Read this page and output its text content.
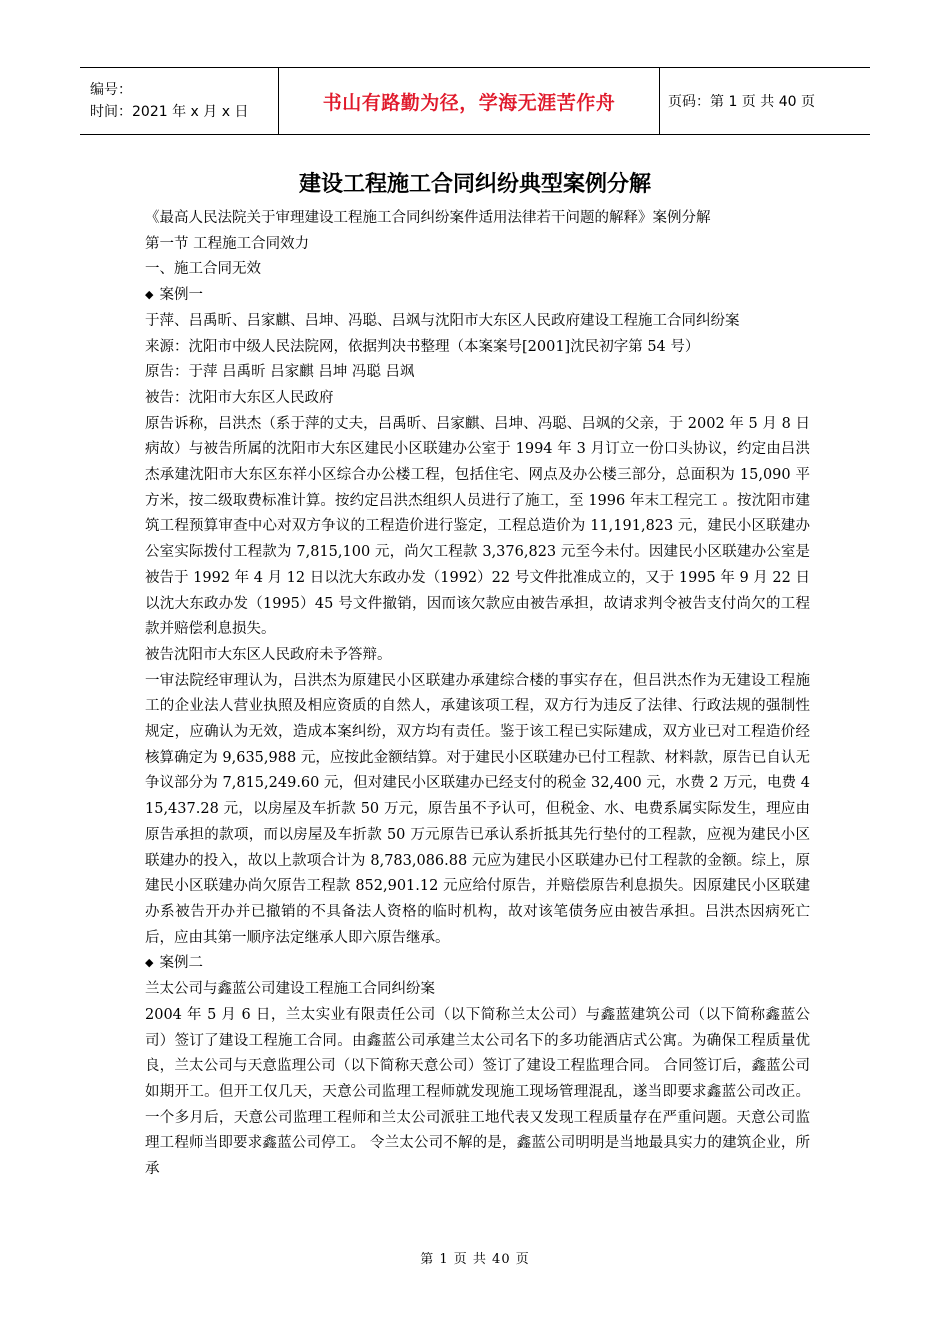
编号：
时间：2021 年 x 月 x 日	书山有路勤为径，学海无涯苦作舟	页码：第 1 页 共 40 页
建设工程施工合同纠纷典型案例分解

《最高人民法院关于审理建设工程施工合同纠纷案件适用法律若干问题的解释》案例分解

第一节 工程施工合同效力

一、施工合同无效

◆ 案例一

于萍、吕禹昕、吕家麒、吕坤、冯聪、吕飒与沈阳市大东区人民政府建设工程施工合同纠纷案

来源：沈阳市中级人民法院网，依据判决书整理（本案案号[2001]沈民初字第 54 号）

原告：于萍 吕禹昕 吕家麒 吕坤 冯聪 吕飒

被告：沈阳市大东区人民政府

原告诉称，吕洪杰（系于萍的丈夫，吕禹昕、吕家麒、吕坤、冯聪、吕飒的父亲，于 2002 年 5 月 8 日病故）与被告所属的沈阳市大东区建民小区联建办公室于 1994 年 3 月订立一份口头协议，约定由吕洪杰承建沈阳市大东区东祥小区综合办公楼工程，包括住宅、网点及办公楼三部分，总面积为 15,090 平方米，按二级取费标准计算。按约定吕洪杰组织人员进行了施工，至 1996 年末工程完工 。按沈阳市建筑工程预算审查中心对双方争议的工程造价进行鉴定，工程总造价为 11,191,823 元，建民小区联建办公室实际拨付工程款为 7,815,100 元，尚欠工程款 3,376,823 元至今未付。因建民小区联建办公室是被告于 1992 年 4 月 12 日以沈大东政办发（1992）22 号文件批准成立的，又于 1995 年 9 月 22 日以沈大东政办发（1995）45 号文件撤销，因而该欠款应由被告承担，故请求判令被告支付尚欠的工程款并赔偿利息损失。

被告沈阳市大东区人民政府未予答辩。

一审法院经审理认为，吕洪杰为原建民小区联建办承建综合楼的事实存在，但吕洪杰作为无建设工程施工的企业法人营业执照及相应资质的自然人，承建该项工程，双方行为违反了法律、行政法规的强制性规定，应确认为无效，造成本案纠纷，双方均有责任。鉴于该工程已实际建成，双方业已对工程造价经核算确定为 9,635,988 元，应按此金额结算。对于建民小区联建办已付工程款、材料款，原告已自认无争议部分为 7,815,249.60 元，但对建民小区联建办已经支付的税金 32,400 元，水费 2 万元，电费 415,437.28 元，以房屋及车折款 50 万元，原告虽不予认可，但税金、水、电费系属实际发生，理应由原告承担的款项，而以房屋及车折款 50 万元原告已承认系折抵其先行垫付的工程款，应视为建民小区联建办的投入，故以上款项合计为 8,783,086.88 元应为建民小区联建办已付工程款的金额。综上，原建民小区联建办尚欠原告工程款 852,901.12 元应给付原告，并赔偿原告利息损失。因原建民小区联建办系被告开办并已撤销的不具备法人资格的临时机构，故对该笔债务应由被告承担。吕洪杰因病死亡后，应由其第一顺序法定继承人即六原告继承。

◆ 案例二

兰太公司与鑫蓝公司建设工程施工合同纠纷案

2004 年 5 月 6 日，兰太实业有限责任公司（以下简称兰太公司）与鑫蓝建筑公司（以下简称鑫蓝公司）签订了建设工程施工合同。由鑫蓝公司承建兰太公司名下的多功能酒店式公寓。为确保工程质量优良，兰太公司与天意监理公司（以下简称天意公司）签订了建设工程监理合同。 合同签订后，鑫蓝公司如期开工。但开工仅几天，天意公司监理工程师就发现施工现场管理混乱，遂当即要求鑫蓝公司改正。一个多月后，天意公司监理工程师和兰太公司派驻工地代表又发现工程质量存在严重问题。天意公司监理工程师当即要求鑫蓝公司停工。 令兰太公司不解的是，鑫蓝公司明明是当地最具实力的建筑企业，所承

第 1 页 共 40 页
